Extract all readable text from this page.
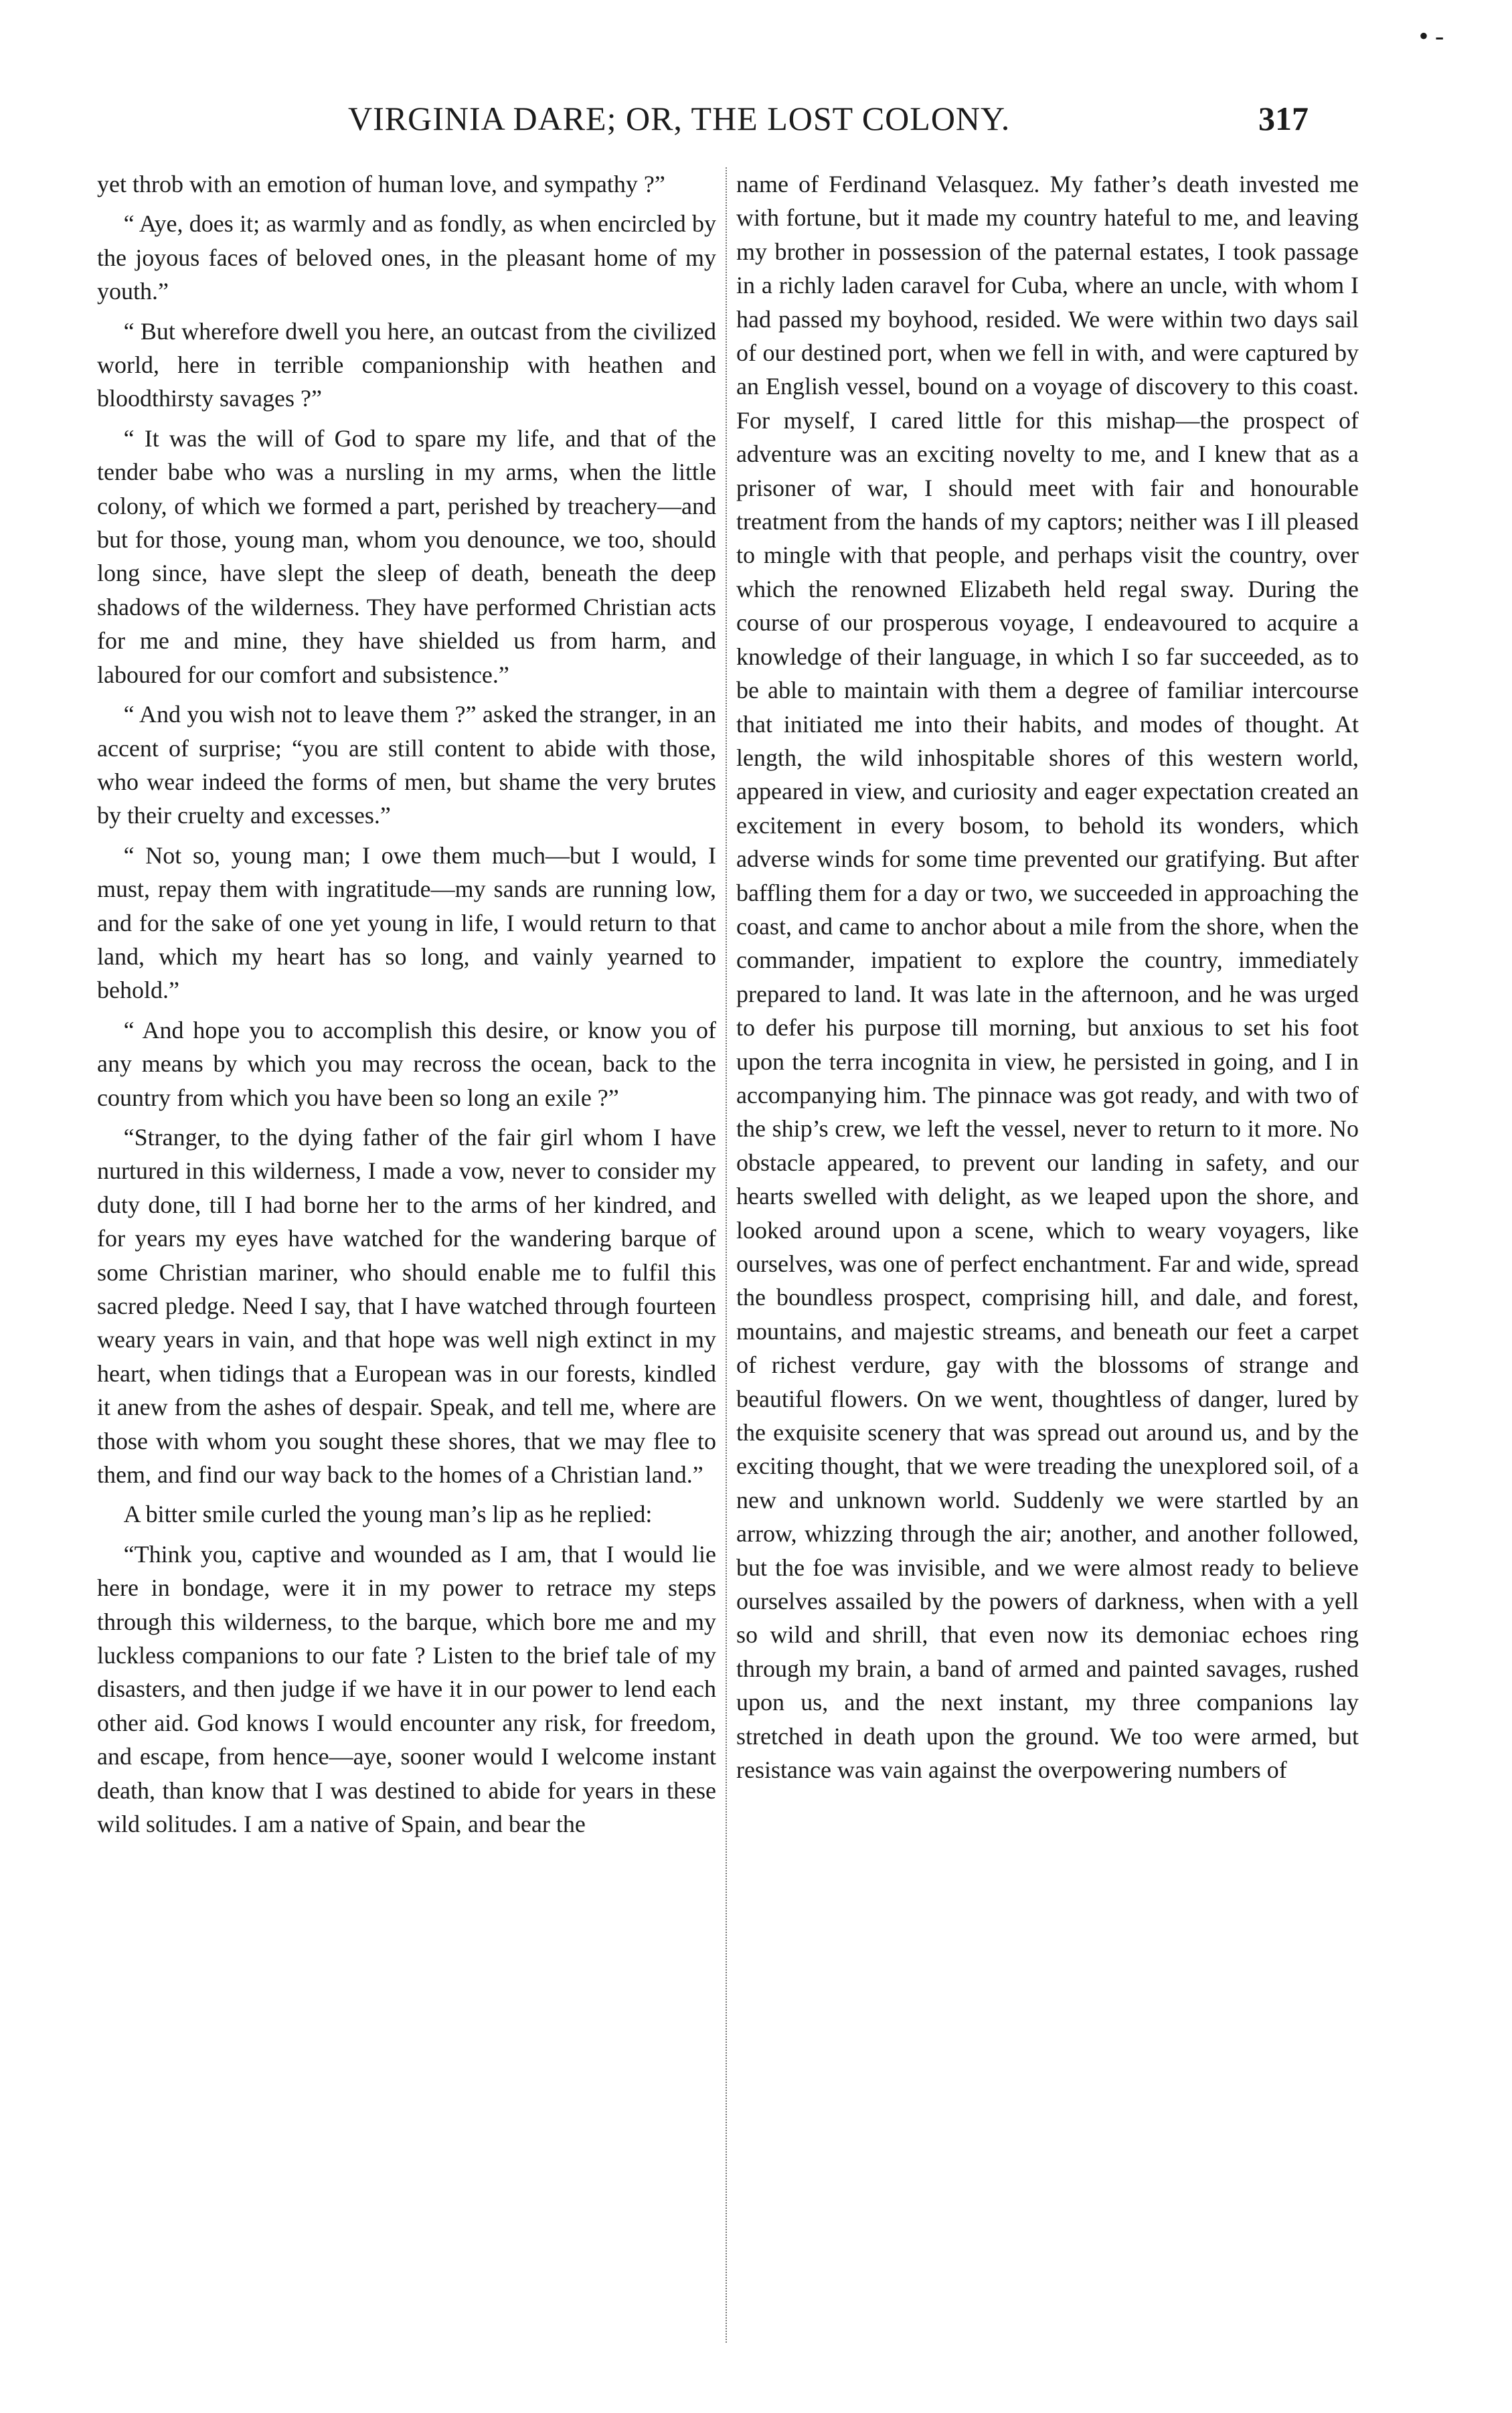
VIRGINIA DARE; OR, THE LOST COLONY.	317
• -

yet throb with an emotion of human love, and sympathy ?”

“ Aye, does it; as warmly and as fondly, as when encircled by the joyous faces of beloved ones, in the pleasant home of my youth.”

“ But wherefore dwell you here, an outcast from the civilized world, here in terrible companionship with heathen and bloodthirsty savages ?”

“ It was the will of God to spare my life, and that of the tender babe who was a nursling in my arms, when the little colony, of which we formed a part, perished by treachery—and but for those, young man, whom you denounce, we too, should long since, have slept the sleep of death, beneath the deep shadows of the wilderness. They have performed Christian acts for me and mine, they have shielded us from harm, and laboured for our comfort and subsistence.”

“ And you wish not to leave them ?” asked the stranger, in an accent of surprise; “you are still content to abide with those, who wear indeed the forms of men, but shame the very brutes by their cruelty and excesses.”

“ Not so, young man; I owe them much—but I would, I must, repay them with ingratitude—my sands are running low, and for the sake of one yet young in life, I would return to that land, which my heart has so long, and vainly yearned to behold.”

“ And hope you to accomplish this desire, or know you of any means by which you may recross the ocean, back to the country from which you have been so long an exile ?”

“Stranger, to the dying father of the fair girl whom I have nurtured in this wilderness, I made a vow, never to consider my duty done, till I had borne her to the arms of her kindred, and for years my eyes have watched for the wandering barque of some Christian mariner, who should enable me to fulfil this sacred pledge. Need I say, that I have watched through fourteen weary years in vain, and that hope was well nigh extinct in my heart, when tidings that a European was in our forests, kindled it anew from the ashes of despair. Speak, and tell me, where are those with whom you sought these shores, that we may flee to them, and find our way back to the homes of a Christian land.”

A bitter smile curled the young man’s lip as he replied:

“Think you, captive and wounded as I am, that I would lie here in bondage, were it in my power to retrace my steps through this wilderness, to the barque, which bore me and my luckless companions to our fate ? Listen to the brief tale of my disasters, and then judge if we have it in our power to lend each other aid. God knows I would encounter any risk, for freedom, and escape, from hence—aye, sooner would I welcome instant death, than know that I was destined to abide for years in these wild solitudes. I am a native of Spain, and bear the

name of Ferdinand Velasquez. My father’s death invested me with fortune, but it made my country hateful to me, and leaving my brother in possession of the paternal estates, I took passage in a richly laden caravel for Cuba, where an uncle, with whom I had passed my boyhood, resided. We were within two days sail of our destined port, when we fell in with, and were captured by an English vessel, bound on a voyage of discovery to this coast. For myself, I cared little for this mishap—the prospect of adventure was an exciting novelty to me, and I knew that as a prisoner of war, I should meet with fair and honourable treatment from the hands of my captors; neither was I ill pleased to mingle with that people, and perhaps visit the country, over which the renowned Elizabeth held regal sway. During the course of our prosperous voyage, I endeavoured to acquire a knowledge of their language, in which I so far succeeded, as to be able to maintain with them a degree of familiar intercourse that initiated me into their habits, and modes of thought. At length, the wild inhospitable shores of this western world, appeared in view, and curiosity and eager expectation created an excitement in every bosom, to behold its wonders, which adverse winds for some time prevented our gratifying. But after baffling them for a day or two, we succeeded in approaching the coast, and came to anchor about a mile from the shore, when the commander, impatient to explore the country, immediately prepared to land. It was late in the afternoon, and he was urged to defer his purpose till morning, but anxious to set his foot upon the terra incognita in view, he persisted in going, and I in accompanying him. The pinnace was got ready, and with two of the ship’s crew, we left the vessel, never to return to it more. No obstacle appeared, to prevent our landing in safety, and our hearts swelled with delight, as we leaped upon the shore, and looked around upon a scene, which to weary voyagers, like ourselves, was one of perfect enchantment. Far and wide, spread the boundless prospect, comprising hill, and dale, and forest, mountains, and majestic streams, and beneath our feet a carpet of richest verdure, gay with the blossoms of strange and beautiful flowers. On we went, thoughtless of danger, lured by the exquisite scenery that was spread out around us, and by the exciting thought, that we were treading the unexplored soil, of a new and unknown world. Suddenly we were startled by an arrow, whizzing through the air; another, and another followed, but the foe was invisible, and we were almost ready to believe ourselves assailed by the powers of darkness, when with a yell so wild and shrill, that even now its demoniac echoes ring through my brain, a band of armed and painted savages, rushed upon us, and the next instant, my three companions lay stretched in death upon the ground. We too were armed, but resistance was vain against the overpowering numbers of
